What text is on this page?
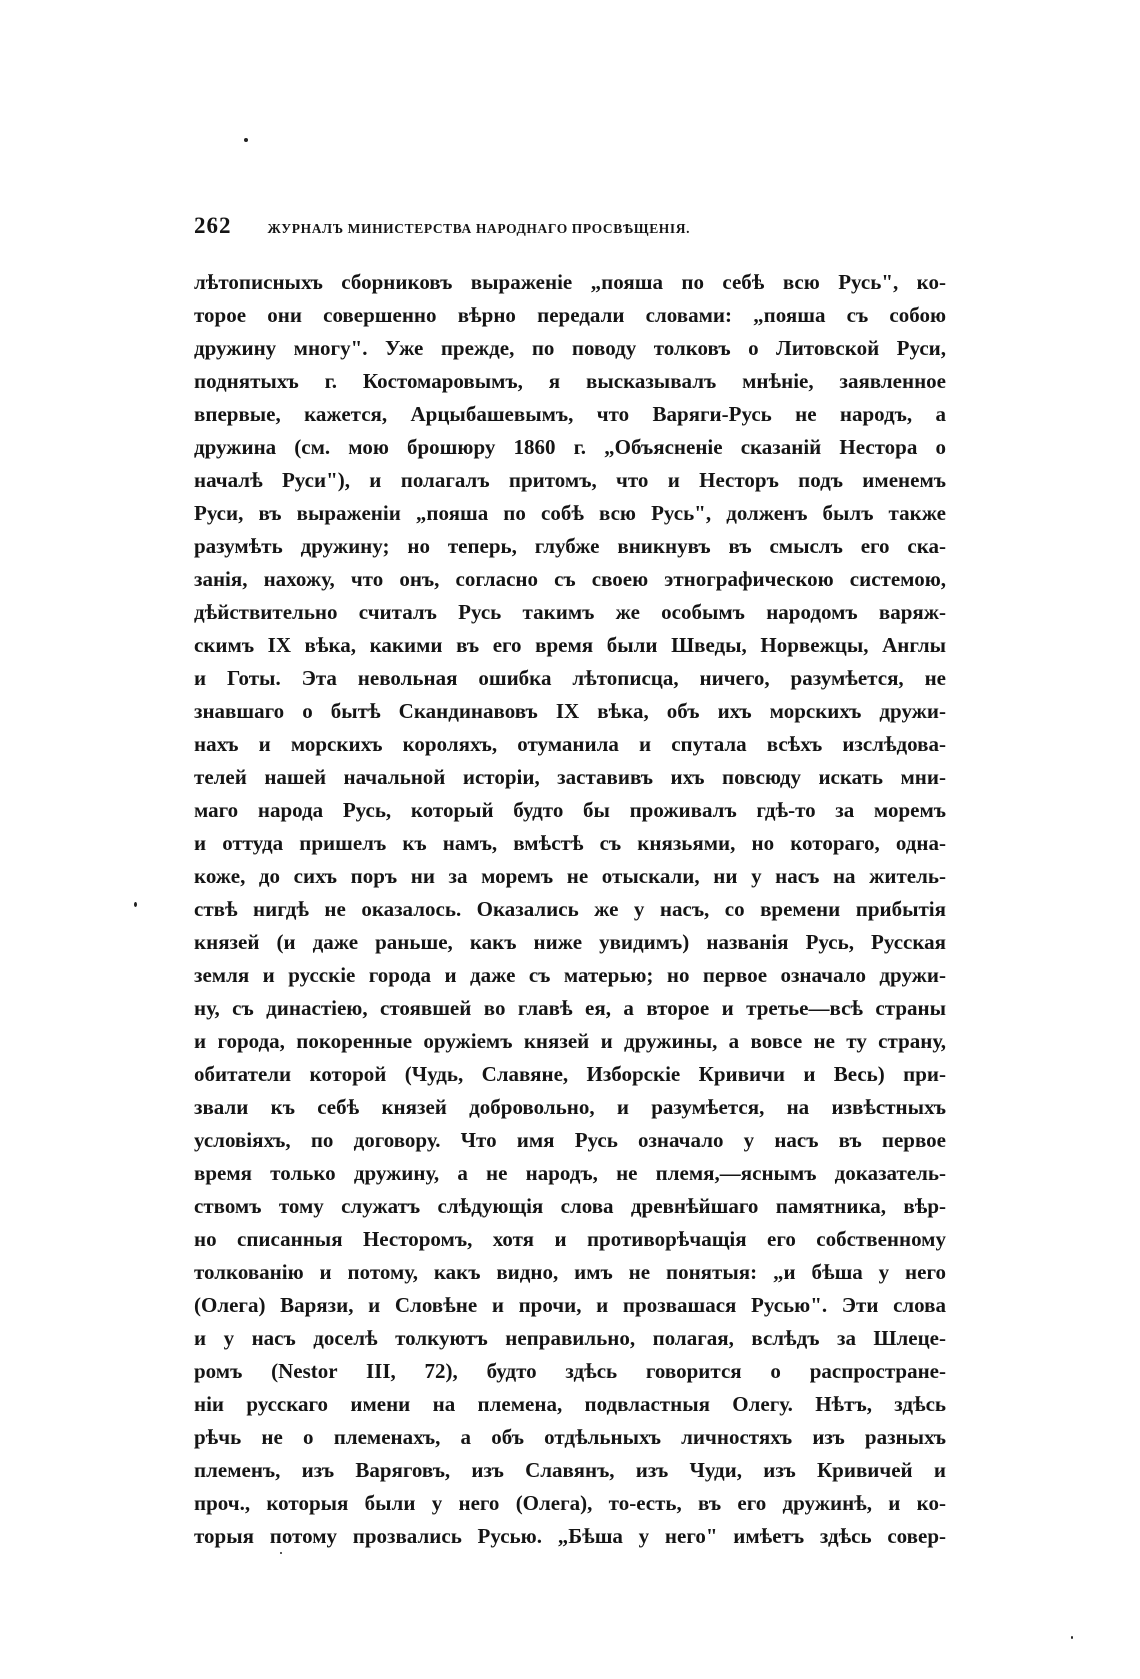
262	ЖУРНАЛЪ МИНИСТЕРСТВА НАРОДНАГО ПРОСВѢЩЕНІЯ.
лѣтописныхъ сборниковъ выраженіе „пояша по себѣ всю Русь", ко-
торое они совершенно вѣрно передали словами: „пояша съ собою
дружину многу". Уже прежде, по поводу толковъ о Литовской Руси,
поднятыхъ г. Костомаровымъ, я высказывалъ мнѣніе, заявленное
впервые, кажется, Арцыбашевымъ, что Варяги-Русь не народъ, а
дружина (см. мою брошюру 1860 г. „Объясненіе сказаній Нестора о
началѣ Руси"), и полагалъ притомъ, что и Несторъ подъ именемъ
Руси, въ выраженіи „пояша по собѣ всю Русь", долженъ былъ также
разумѣть дружину; но теперь, глубже вникнувъ въ смыслъ его ска-
занія, нахожу, что онъ, согласно съ своею этнографическою системою,
дѣйствительно считалъ Русь такимъ же особымъ народомъ варяж-
скимъ IX вѣка, какими въ его время были Шведы, Норвежцы, Англы
и Готы. Эта невольная ошибка лѣтописца, ничего, разумѣется, не
знавшаго о бытѣ Скандинавовъ IX вѣка, объ ихъ морскихъ дружи-
нахъ и морскихъ короляхъ, отуманила и спутала всѣхъ изслѣдова-
телей нашей начальной исторіи, заставивъ ихъ повсюду искать мни-
маго народа Русь, который будто бы проживалъ гдѣ-то за моремъ
и оттуда пришелъ къ намъ, вмѣстѣ съ князьями, но котораго, одна-
коже, до сихъ поръ ни за моремъ не отыскали, ни у насъ на житель-
ствѣ нигдѣ не оказалось. Оказались же у насъ, со времени прибытія
князей (и даже раньше, какъ ниже увидимъ) названія Русь, Русская
земля и русскіе города и даже съ матерью; но первое означало дружи-
ну, съ династіею, стоявшей во главѣ ея, а второе и третье—всѣ страны
и города, покоренные оружіемъ князей и дружины, а вовсе не ту страну,
обитатели которой (Чудь, Славяне, Изборскіе Кривичи и Весь) при-
звали къ себѣ князей добровольно, и разумѣется, на извѣстныхъ
условіяхъ, по договору. Что имя Русь означало у насъ въ первое
время только дружину, а не народъ, не племя,—яснымъ доказатель-
ствомъ тому служатъ слѣдующія слова древнѣйшаго памятника, вѣр-
но списанныя Несторомъ, хотя и противорѣчащія его собственному
толкованію и потому, какъ видно, имъ не понятыя: „и бѣша у него
(Олега) Варязи, и Словѣне и прочи, и прозвашася Русью". Эти слова
и у насъ доселѣ толкуютъ неправильно, полагая, вслѣдъ за Шлеце-
ромъ (Nestor III, 72), будто здѣсь говорится о распростране-
ніи русскаго имени на племена, подвластныя Олегу. Нѣтъ, здѣсь
рѣчь не о племенахъ, а объ отдѣльныхъ личностяхъ изъ разныхъ
племенъ, изъ Варяговъ, изъ Славянъ, изъ Чуди, изъ Кривичей и
проч., которыя были у него (Олега), то-есть, въ его дружинѣ, и ко-
торыя потому прозвались Русью. „Бѣша у него" имѣетъ здѣсь совер-
